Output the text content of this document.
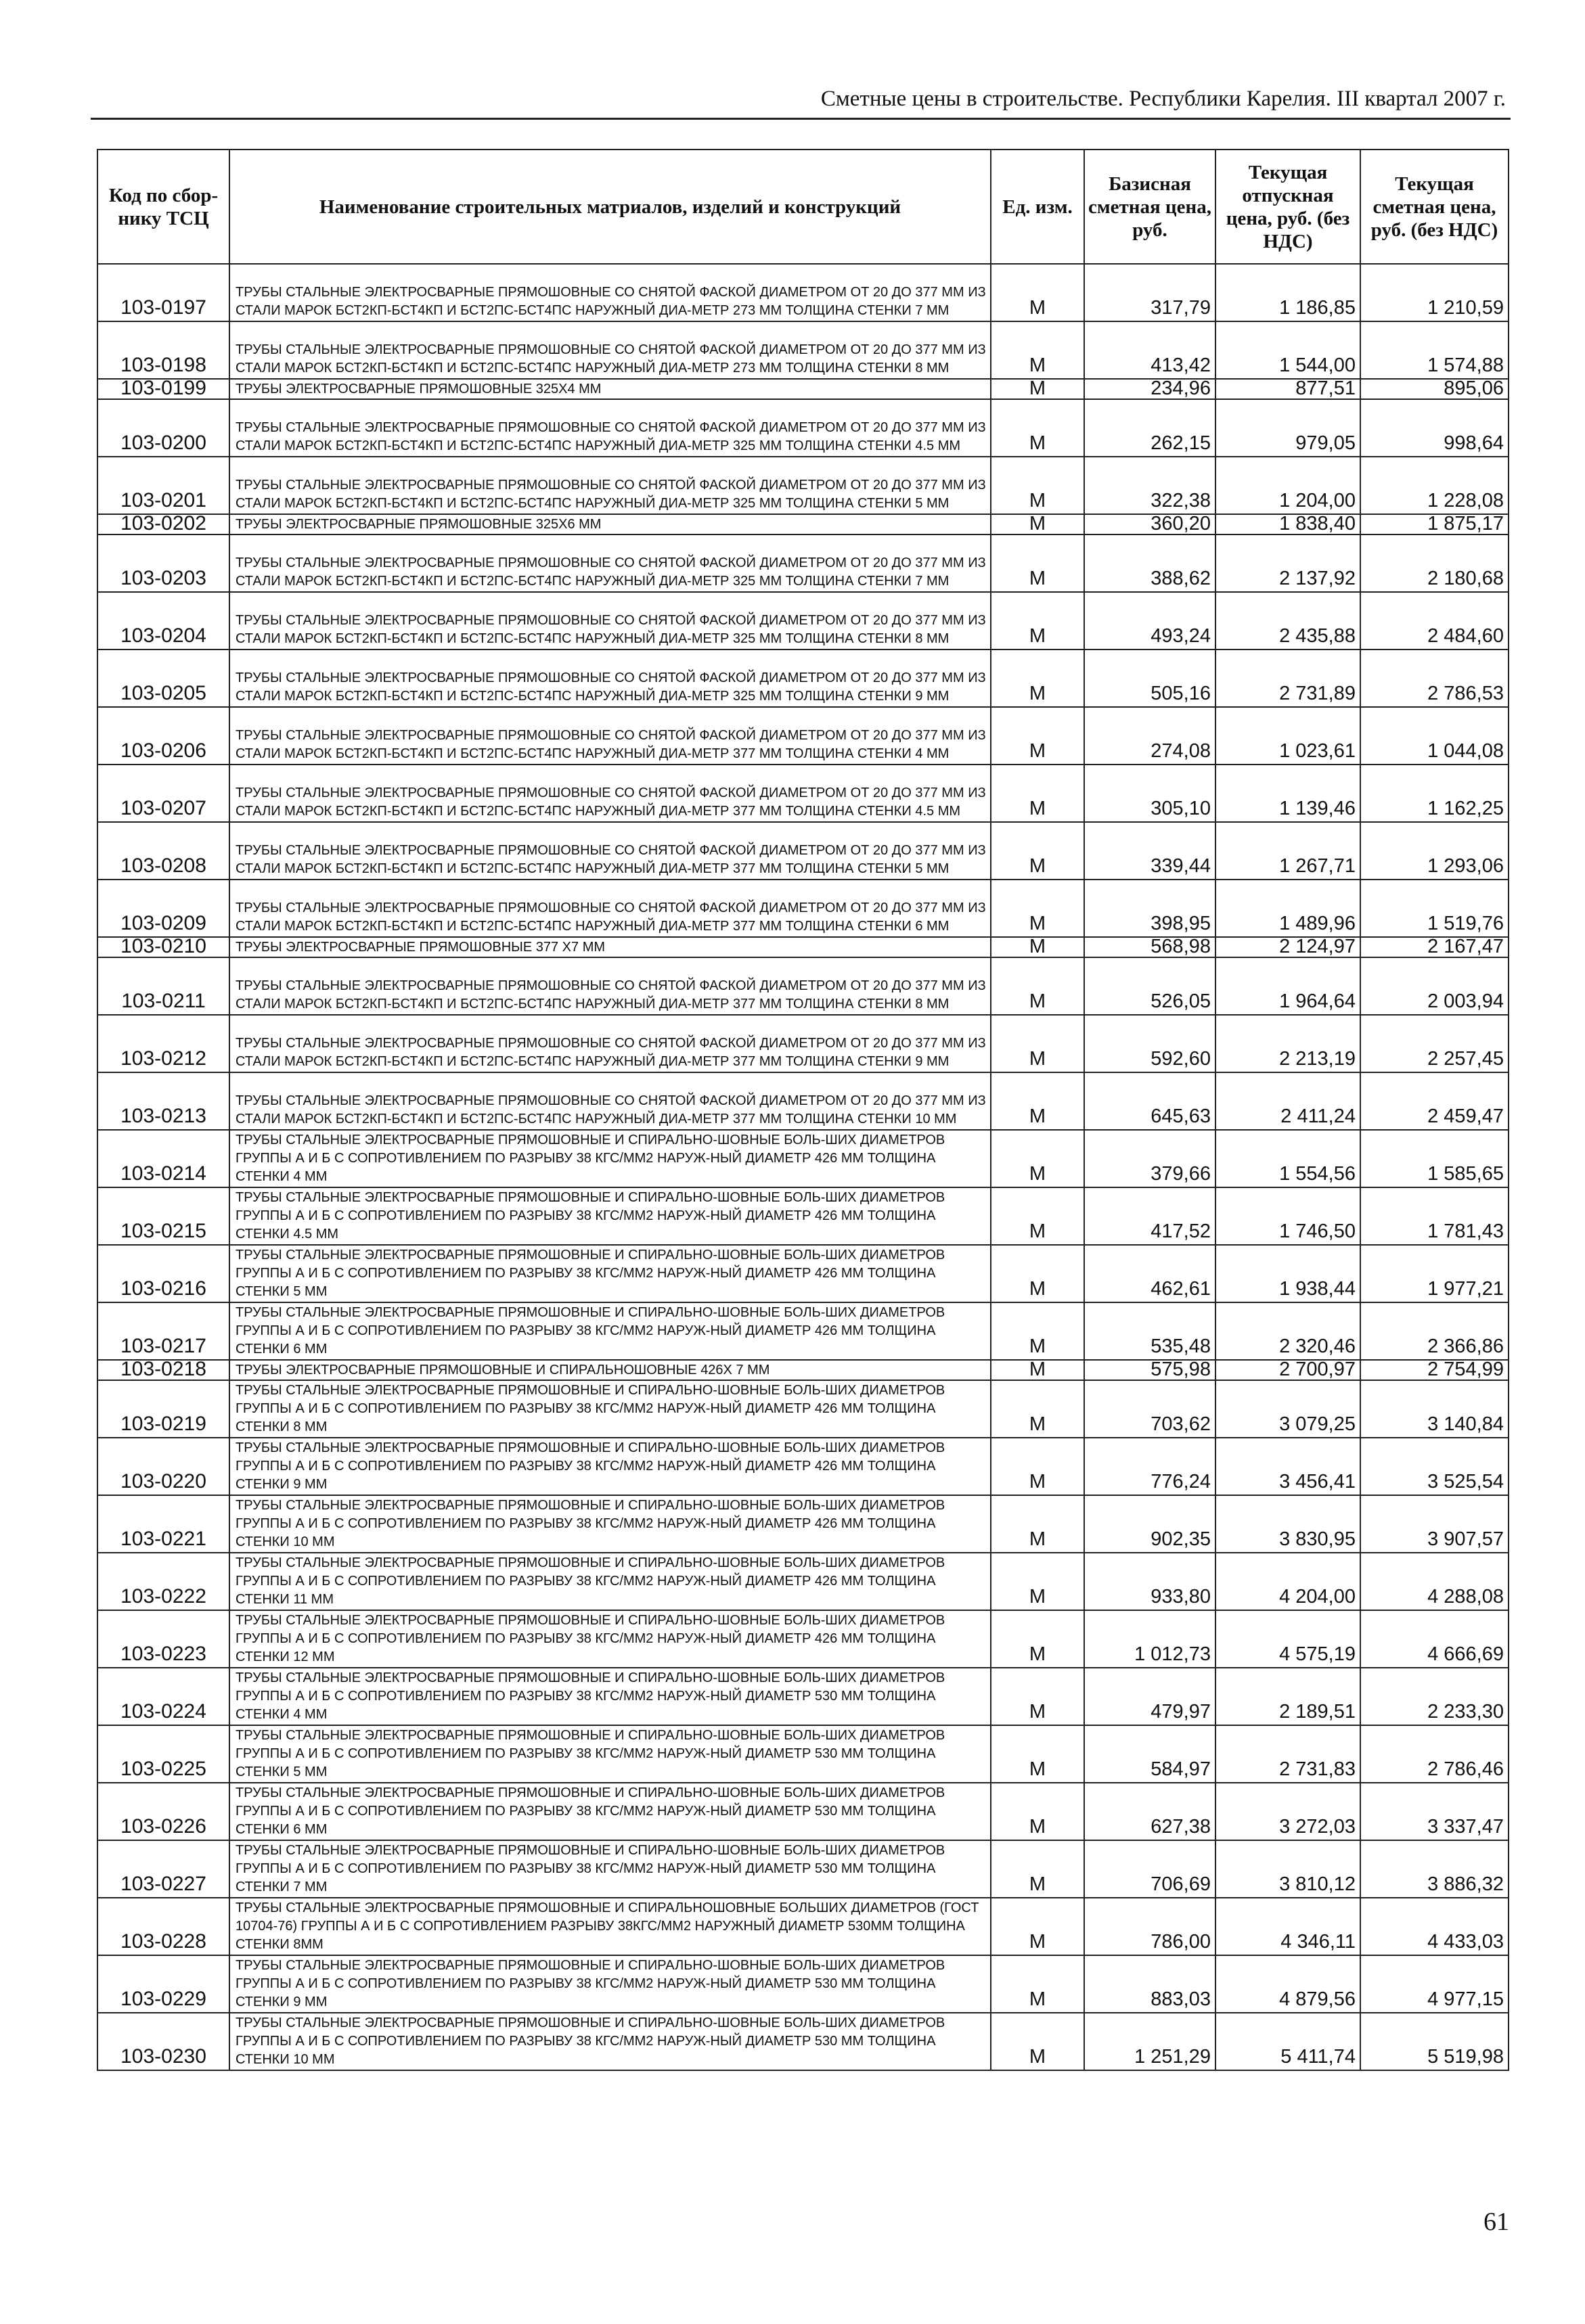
Сметные цены в строительстве. Республики Карелия. III квартал 2007 г.
Код по сбор-нику ТСЦ	Наименование строительных матриалов, изделий и конструкций	Ед. изм.	Базисная сметная цена, руб.	Текущая отпускная цена, руб. (без НДС)	Текущая сметная цена, руб. (без НДС)
103-0197	ТРУБЫ СТАЛЬНЫЕ ЭЛЕКТРОСВАРНЫЕ ПРЯМОШОВНЫЕ СО СНЯТОЙ ФАСКОЙ ДИАМЕТРОМ ОТ 20 ДО 377 ММ ИЗ СТАЛИ МАРОК БСТ2КП-БСТ4КП И БСТ2ПС-БСТ4ПС НАРУЖНЫЙ ДИА-МЕТР 273 ММ ТОЛЩИНА СТЕНКИ 7 ММ	М	317,79	1 186,85	1 210,59
103-0198	ТРУБЫ СТАЛЬНЫЕ ЭЛЕКТРОСВАРНЫЕ ПРЯМОШОВНЫЕ СО СНЯТОЙ ФАСКОЙ ДИАМЕТРОМ ОТ 20 ДО 377 ММ ИЗ СТАЛИ МАРОК БСТ2КП-БСТ4КП И БСТ2ПС-БСТ4ПС НАРУЖНЫЙ ДИА-МЕТР 273 ММ ТОЛЩИНА СТЕНКИ 8 ММ	М	413,42	1 544,00	1 574,88
103-0199	ТРУБЫ ЭЛЕКТРОСВАРНЫЕ ПРЯМОШОВНЫЕ 325Х4 ММ	М	234,96	877,51	895,06
103-0200	ТРУБЫ СТАЛЬНЫЕ ЭЛЕКТРОСВАРНЫЕ ПРЯМОШОВНЫЕ СО СНЯТОЙ ФАСКОЙ ДИАМЕТРОМ ОТ 20 ДО 377 ММ ИЗ СТАЛИ МАРОК БСТ2КП-БСТ4КП И БСТ2ПС-БСТ4ПС НАРУЖНЫЙ ДИА-МЕТР 325 ММ ТОЛЩИНА СТЕНКИ 4.5 ММ	М	262,15	979,05	998,64
103-0201	ТРУБЫ СТАЛЬНЫЕ ЭЛЕКТРОСВАРНЫЕ ПРЯМОШОВНЫЕ СО СНЯТОЙ ФАСКОЙ ДИАМЕТРОМ ОТ 20 ДО 377 ММ ИЗ СТАЛИ МАРОК БСТ2КП-БСТ4КП И БСТ2ПС-БСТ4ПС НАРУЖНЫЙ ДИА-МЕТР 325 ММ ТОЛЩИНА СТЕНКИ 5 ММ	М	322,38	1 204,00	1 228,08
103-0202	ТРУБЫ ЭЛЕКТРОСВАРНЫЕ ПРЯМОШОВНЫЕ 325Х6 ММ	М	360,20	1 838,40	1 875,17
103-0203	ТРУБЫ СТАЛЬНЫЕ ЭЛЕКТРОСВАРНЫЕ ПРЯМОШОВНЫЕ СО СНЯТОЙ ФАСКОЙ ДИАМЕТРОМ ОТ 20 ДО 377 ММ ИЗ СТАЛИ МАРОК БСТ2КП-БСТ4КП И БСТ2ПС-БСТ4ПС НАРУЖНЫЙ ДИА-МЕТР 325 ММ ТОЛЩИНА СТЕНКИ 7 ММ	М	388,62	2 137,92	2 180,68
103-0204	ТРУБЫ СТАЛЬНЫЕ ЭЛЕКТРОСВАРНЫЕ ПРЯМОШОВНЫЕ СО СНЯТОЙ ФАСКОЙ ДИАМЕТРОМ ОТ 20 ДО 377 ММ ИЗ СТАЛИ МАРОК БСТ2КП-БСТ4КП И БСТ2ПС-БСТ4ПС НАРУЖНЫЙ ДИА-МЕТР 325 ММ ТОЛЩИНА СТЕНКИ 8 ММ	М	493,24	2 435,88	2 484,60
103-0205	ТРУБЫ СТАЛЬНЫЕ ЭЛЕКТРОСВАРНЫЕ ПРЯМОШОВНЫЕ СО СНЯТОЙ ФАСКОЙ ДИАМЕТРОМ ОТ 20 ДО 377 ММ ИЗ СТАЛИ МАРОК БСТ2КП-БСТ4КП И БСТ2ПС-БСТ4ПС НАРУЖНЫЙ ДИА-МЕТР 325 ММ ТОЛЩИНА СТЕНКИ 9 ММ	М	505,16	2 731,89	2 786,53
103-0206	ТРУБЫ СТАЛЬНЫЕ ЭЛЕКТРОСВАРНЫЕ ПРЯМОШОВНЫЕ СО СНЯТОЙ ФАСКОЙ ДИАМЕТРОМ ОТ 20 ДО 377 ММ ИЗ СТАЛИ МАРОК БСТ2КП-БСТ4КП И БСТ2ПС-БСТ4ПС НАРУЖНЫЙ ДИА-МЕТР 377 ММ ТОЛЩИНА СТЕНКИ 4 ММ	М	274,08	1 023,61	1 044,08
103-0207	ТРУБЫ СТАЛЬНЫЕ ЭЛЕКТРОСВАРНЫЕ ПРЯМОШОВНЫЕ СО СНЯТОЙ ФАСКОЙ ДИАМЕТРОМ ОТ 20 ДО 377 ММ ИЗ СТАЛИ МАРОК БСТ2КП-БСТ4КП И БСТ2ПС-БСТ4ПС НАРУЖНЫЙ ДИА-МЕТР 377 ММ ТОЛЩИНА СТЕНКИ 4.5 ММ	М	305,10	1 139,46	1 162,25
103-0208	ТРУБЫ СТАЛЬНЫЕ ЭЛЕКТРОСВАРНЫЕ ПРЯМОШОВНЫЕ СО СНЯТОЙ ФАСКОЙ ДИАМЕТРОМ ОТ 20 ДО 377 ММ ИЗ СТАЛИ МАРОК БСТ2КП-БСТ4КП И БСТ2ПС-БСТ4ПС НАРУЖНЫЙ ДИА-МЕТР 377 ММ ТОЛЩИНА СТЕНКИ 5 ММ	М	339,44	1 267,71	1 293,06
103-0209	ТРУБЫ СТАЛЬНЫЕ ЭЛЕКТРОСВАРНЫЕ ПРЯМОШОВНЫЕ СО СНЯТОЙ ФАСКОЙ ДИАМЕТРОМ ОТ 20 ДО 377 ММ ИЗ СТАЛИ МАРОК БСТ2КП-БСТ4КП И БСТ2ПС-БСТ4ПС НАРУЖНЫЙ ДИА-МЕТР 377 ММ ТОЛЩИНА СТЕНКИ 6 ММ	М	398,95	1 489,96	1 519,76
103-0210	ТРУБЫ ЭЛЕКТРОСВАРНЫЕ ПРЯМОШОВНЫЕ 377 Х7 ММ	М	568,98	2 124,97	2 167,47
103-0211	ТРУБЫ СТАЛЬНЫЕ ЭЛЕКТРОСВАРНЫЕ ПРЯМОШОВНЫЕ СО СНЯТОЙ ФАСКОЙ ДИАМЕТРОМ ОТ 20 ДО 377 ММ ИЗ СТАЛИ МАРОК БСТ2КП-БСТ4КП И БСТ2ПС-БСТ4ПС НАРУЖНЫЙ ДИА-МЕТР 377 ММ ТОЛЩИНА СТЕНКИ 8 ММ	М	526,05	1 964,64	2 003,94
103-0212	ТРУБЫ СТАЛЬНЫЕ ЭЛЕКТРОСВАРНЫЕ ПРЯМОШОВНЫЕ СО СНЯТОЙ ФАСКОЙ ДИАМЕТРОМ ОТ 20 ДО 377 ММ ИЗ СТАЛИ МАРОК БСТ2КП-БСТ4КП И БСТ2ПС-БСТ4ПС НАРУЖНЫЙ ДИА-МЕТР 377 ММ ТОЛЩИНА СТЕНКИ 9 ММ	М	592,60	2 213,19	2 257,45
103-0213	ТРУБЫ СТАЛЬНЫЕ ЭЛЕКТРОСВАРНЫЕ ПРЯМОШОВНЫЕ СО СНЯТОЙ ФАСКОЙ ДИАМЕТРОМ ОТ 20 ДО 377 ММ ИЗ СТАЛИ МАРОК БСТ2КП-БСТ4КП И БСТ2ПС-БСТ4ПС НАРУЖНЫЙ ДИА-МЕТР 377 ММ ТОЛЩИНА СТЕНКИ 10 ММ	М	645,63	2 411,24	2 459,47
103-0214	ТРУБЫ СТАЛЬНЫЕ ЭЛЕКТРОСВАРНЫЕ ПРЯМОШОВНЫЕ И СПИРАЛЬНО-ШОВНЫЕ БОЛЬ-ШИХ ДИАМЕТРОВ ГРУППЫ А И Б С СОПРОТИВЛЕНИЕМ ПО РАЗРЫВУ 38 КГС/ММ2 НАРУЖ-НЫЙ ДИАМЕТР 426 ММ ТОЛЩИНА СТЕНКИ 4 ММ	М	379,66	1 554,56	1 585,65
103-0215	ТРУБЫ СТАЛЬНЫЕ ЭЛЕКТРОСВАРНЫЕ ПРЯМОШОВНЫЕ И СПИРАЛЬНО-ШОВНЫЕ БОЛЬ-ШИХ ДИАМЕТРОВ ГРУППЫ А И Б С СОПРОТИВЛЕНИЕМ ПО РАЗРЫВУ 38 КГС/ММ2 НАРУЖ-НЫЙ ДИАМЕТР 426 ММ ТОЛЩИНА СТЕНКИ 4.5 ММ	М	417,52	1 746,50	1 781,43
103-0216	ТРУБЫ СТАЛЬНЫЕ ЭЛЕКТРОСВАРНЫЕ ПРЯМОШОВНЫЕ И СПИРАЛЬНО-ШОВНЫЕ БОЛЬ-ШИХ ДИАМЕТРОВ ГРУППЫ А И Б С СОПРОТИВЛЕНИЕМ ПО РАЗРЫВУ 38 КГС/ММ2 НАРУЖ-НЫЙ ДИАМЕТР 426 ММ ТОЛЩИНА СТЕНКИ 5 ММ	М	462,61	1 938,44	1 977,21
103-0217	ТРУБЫ СТАЛЬНЫЕ ЭЛЕКТРОСВАРНЫЕ ПРЯМОШОВНЫЕ И СПИРАЛЬНО-ШОВНЫЕ БОЛЬ-ШИХ ДИАМЕТРОВ ГРУППЫ А И Б С СОПРОТИВЛЕНИЕМ ПО РАЗРЫВУ 38 КГС/ММ2 НАРУЖ-НЫЙ ДИАМЕТР 426 ММ ТОЛЩИНА СТЕНКИ 6 ММ	М	535,48	2 320,46	2 366,86
103-0218	ТРУБЫ ЭЛЕКТРОСВАРНЫЕ ПРЯМОШОВНЫЕ И СПИРАЛЬНОШОВНЫЕ 426Х 7 ММ	М	575,98	2 700,97	2 754,99
103-0219	ТРУБЫ СТАЛЬНЫЕ ЭЛЕКТРОСВАРНЫЕ ПРЯМОШОВНЫЕ И СПИРАЛЬНО-ШОВНЫЕ БОЛЬ-ШИХ ДИАМЕТРОВ ГРУППЫ А И Б С СОПРОТИВЛЕНИЕМ ПО РАЗРЫВУ 38 КГС/ММ2 НАРУЖ-НЫЙ ДИАМЕТР 426 ММ ТОЛЩИНА СТЕНКИ 8 ММ	М	703,62	3 079,25	3 140,84
103-0220	ТРУБЫ СТАЛЬНЫЕ ЭЛЕКТРОСВАРНЫЕ ПРЯМОШОВНЫЕ И СПИРАЛЬНО-ШОВНЫЕ БОЛЬ-ШИХ ДИАМЕТРОВ ГРУППЫ А И Б С СОПРОТИВЛЕНИЕМ ПО РАЗРЫВУ 38 КГС/ММ2 НАРУЖ-НЫЙ ДИАМЕТР 426 ММ ТОЛЩИНА СТЕНКИ 9 ММ	М	776,24	3 456,41	3 525,54
103-0221	ТРУБЫ СТАЛЬНЫЕ ЭЛЕКТРОСВАРНЫЕ ПРЯМОШОВНЫЕ И СПИРАЛЬНО-ШОВНЫЕ БОЛЬ-ШИХ ДИАМЕТРОВ ГРУППЫ А И Б С СОПРОТИВЛЕНИЕМ ПО РАЗРЫВУ 38 КГС/ММ2 НАРУЖ-НЫЙ ДИАМЕТР 426 ММ ТОЛЩИНА СТЕНКИ 10 ММ	М	902,35	3 830,95	3 907,57
103-0222	ТРУБЫ СТАЛЬНЫЕ ЭЛЕКТРОСВАРНЫЕ ПРЯМОШОВНЫЕ И СПИРАЛЬНО-ШОВНЫЕ БОЛЬ-ШИХ ДИАМЕТРОВ ГРУППЫ А И Б С СОПРОТИВЛЕНИЕМ ПО РАЗРЫВУ 38 КГС/ММ2 НАРУЖ-НЫЙ ДИАМЕТР 426 ММ ТОЛЩИНА СТЕНКИ 11 ММ	М	933,80	4 204,00	4 288,08
103-0223	ТРУБЫ СТАЛЬНЫЕ ЭЛЕКТРОСВАРНЫЕ ПРЯМОШОВНЫЕ И СПИРАЛЬНО-ШОВНЫЕ БОЛЬ-ШИХ ДИАМЕТРОВ ГРУППЫ А И Б С СОПРОТИВЛЕНИЕМ ПО РАЗРЫВУ 38 КГС/ММ2 НАРУЖ-НЫЙ ДИАМЕТР 426 ММ ТОЛЩИНА СТЕНКИ 12 ММ	М	1 012,73	4 575,19	4 666,69
103-0224	ТРУБЫ СТАЛЬНЫЕ ЭЛЕКТРОСВАРНЫЕ ПРЯМОШОВНЫЕ И СПИРАЛЬНО-ШОВНЫЕ БОЛЬ-ШИХ ДИАМЕТРОВ ГРУППЫ А И Б С СОПРОТИВЛЕНИЕМ ПО РАЗРЫВУ 38 КГС/ММ2 НАРУЖ-НЫЙ ДИАМЕТР 530 ММ ТОЛЩИНА СТЕНКИ 4 ММ	М	479,97	2 189,51	2 233,30
103-0225	ТРУБЫ СТАЛЬНЫЕ ЭЛЕКТРОСВАРНЫЕ ПРЯМОШОВНЫЕ И СПИРАЛЬНО-ШОВНЫЕ БОЛЬ-ШИХ ДИАМЕТРОВ ГРУППЫ А И Б С СОПРОТИВЛЕНИЕМ ПО РАЗРЫВУ 38 КГС/ММ2 НАРУЖ-НЫЙ ДИАМЕТР 530 ММ ТОЛЩИНА СТЕНКИ 5 ММ	М	584,97	2 731,83	2 786,46
103-0226	ТРУБЫ СТАЛЬНЫЕ ЭЛЕКТРОСВАРНЫЕ ПРЯМОШОВНЫЕ И СПИРАЛЬНО-ШОВНЫЕ БОЛЬ-ШИХ ДИАМЕТРОВ ГРУППЫ А И Б С СОПРОТИВЛЕНИЕМ ПО РАЗРЫВУ 38 КГС/ММ2 НАРУЖ-НЫЙ ДИАМЕТР 530 ММ ТОЛЩИНА СТЕНКИ 6 ММ	М	627,38	3 272,03	3 337,47
103-0227	ТРУБЫ СТАЛЬНЫЕ ЭЛЕКТРОСВАРНЫЕ ПРЯМОШОВНЫЕ И СПИРАЛЬНО-ШОВНЫЕ БОЛЬ-ШИХ ДИАМЕТРОВ ГРУППЫ А И Б С СОПРОТИВЛЕНИЕМ ПО РАЗРЫВУ 38 КГС/ММ2 НАРУЖ-НЫЙ ДИАМЕТР 530 ММ ТОЛЩИНА СТЕНКИ 7 ММ	М	706,69	3 810,12	3 886,32
103-0228	ТРУБЫ СТАЛЬНЫЕ ЭЛЕКТРОСВАРНЫЕ ПРЯМОШОВНЫЕ И СПИРАЛЬНОШОВНЫЕ БОЛЬШИХ ДИАМЕТРОВ (ГОСТ 10704-76) ГРУППЫ А И Б С СОПРОТИВЛЕНИЕМ РАЗРЫВУ 38КГС/ММ2 НАРУЖНЫЙ ДИАМЕТР 530ММ ТОЛЩИНА СТЕНКИ 8ММ	М	786,00	4 346,11	4 433,03
103-0229	ТРУБЫ СТАЛЬНЫЕ ЭЛЕКТРОСВАРНЫЕ ПРЯМОШОВНЫЕ И СПИРАЛЬНО-ШОВНЫЕ БОЛЬ-ШИХ ДИАМЕТРОВ ГРУППЫ А И Б С СОПРОТИВЛЕНИЕМ ПО РАЗРЫВУ 38 КГС/ММ2 НАРУЖ-НЫЙ ДИАМЕТР 530 ММ ТОЛЩИНА СТЕНКИ 9 ММ	М	883,03	4 879,56	4 977,15
103-0230	ТРУБЫ СТАЛЬНЫЕ ЭЛЕКТРОСВАРНЫЕ ПРЯМОШОВНЫЕ И СПИРАЛЬНО-ШОВНЫЕ БОЛЬ-ШИХ ДИАМЕТРОВ ГРУППЫ А И Б С СОПРОТИВЛЕНИЕМ ПО РАЗРЫВУ 38 КГС/ММ2 НАРУЖ-НЫЙ ДИАМЕТР 530 ММ ТОЛЩИНА СТЕНКИ 10 ММ	М	1 251,29	5 411,74	5 519,98
61
